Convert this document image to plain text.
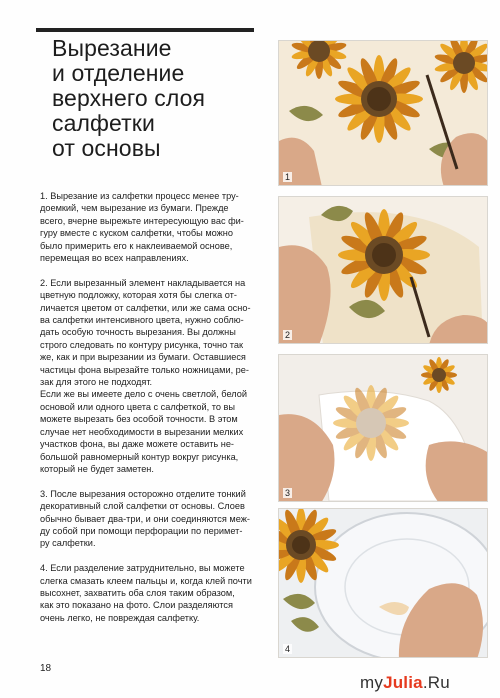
Вырезание
и отделение
верхнего слоя
салфетки
от основы

1. Вырезание из салфетки процесс менее тру-
доемкий, чем вырезание из бумаги. Прежде
всего, вчерне вырежьте интересующую вас фи-
гуру вместе с куском салфетки, чтобы можно
было примерить его к наклеиваемой основе,
перемещая во всех направлениях.

2. Если вырезанный элемент накладывается на
цветную подложку, которая хотя бы слегка от-
личается цветом от салфетки, или же сама осно-
ва салфетки интенсивного цвета, нужно соблю-
дать особую точность вырезания. Вы должны
строго следовать по контуру рисунка, точно так
же, как и при вырезании из бумаги. Оставшиеся
частицы фона вырезайте только ножницами, ре-
зак для этого не подходят.
Если же вы имеете дело с очень светлой, белой
основой или одного цвета с салфеткой, то вы
можете вырезать без особой точности. В этом
случае нет необходимости в вырезании мелких
участков фона, вы даже можете оставить не-
большой равномерный контур вокруг рисунка,
который не будет заметен.

3. После вырезания осторожно отделите тонкий
декоративный слой салфетки от основы. Слоев
обычно бывает два-три, и они соединяются меж-
ду собой при помощи перфорации по перимет-
ру салфетки.

4. Если разделение затруднительно, вы можете
слегка смазать клеем пальцы и, когда клей почти
высохнет, захватить оба слоя таким образом,
как это показано на фото. Слои разделяются
очень легко, не повреждая салфетку.

1
2
3
4
18
myJulia.Ru
